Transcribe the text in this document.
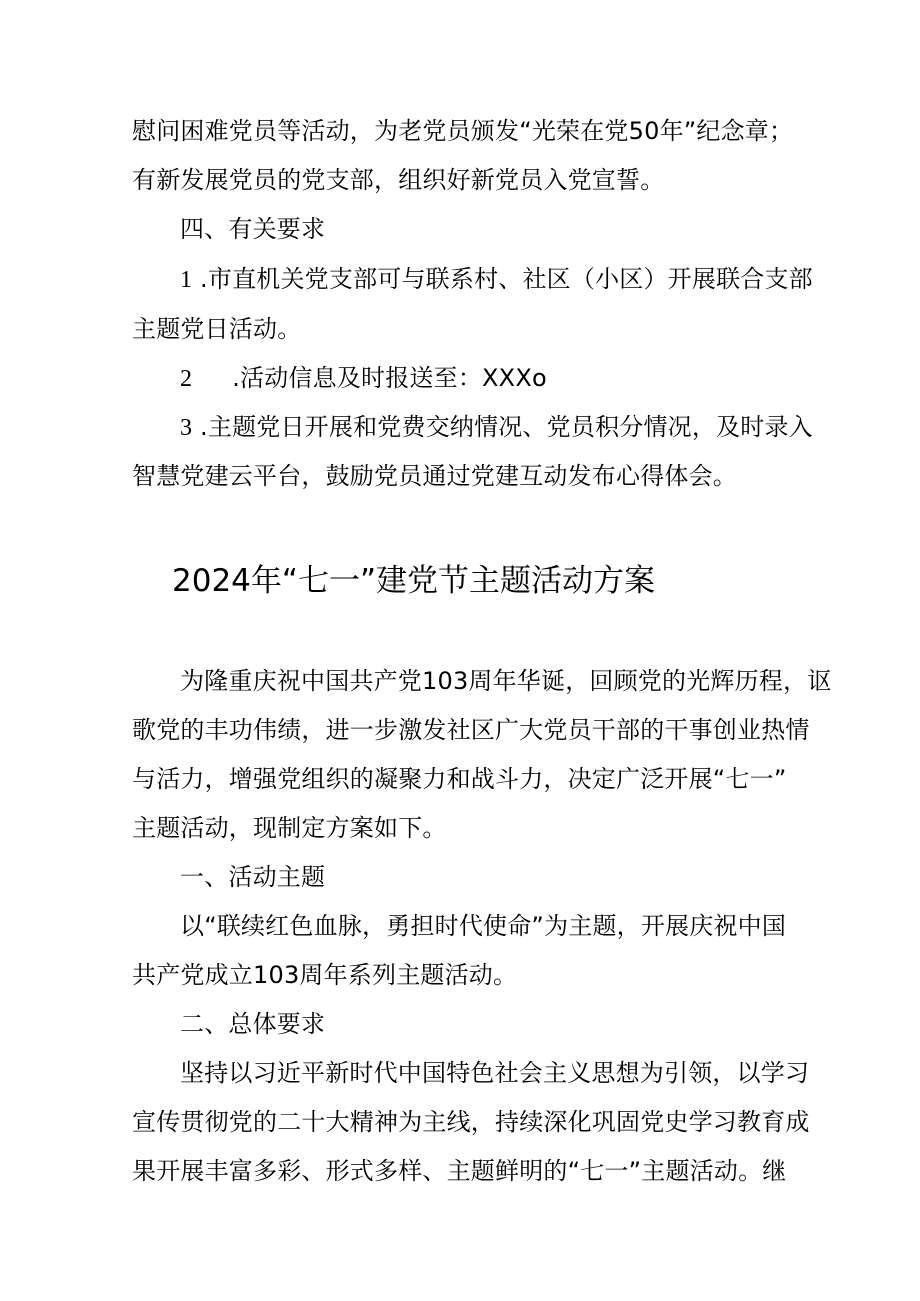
慰问困难党员等活动，为老党员颁发“光荣在党50年”纪念章；
有新发展党员的党支部，组织好新党员入党宣誓。
四、有关要求
1 .市直机关党支部可与联系村、社区（小区）开展联合支部
主题党日活动。
2 .活动信息及时报送至：XXXo
3 .主题党日开展和党费交纳情况、党员积分情况，及时录入
智慧党建云平台，鼓励党员通过党建互动发布心得体会。
2024年“七一”建党节主题活动方案
为隆重庆祝中国共产党103周年华诞，回顾党的光辉历程，讴
歌党的丰功伟绩，进一步激发社区广大党员干部的干事创业热情
与活力，增强党组织的凝聚力和战斗力，决定广泛开展“七一”
主题活动，现制定方案如下。
一、活动主题
以“联续红色血脉，勇担时代使命”为主题，开展庆祝中国
共产党成立103周年系列主题活动。
二、总体要求
坚持以习近平新时代中国特色社会主义思想为引领，以学习
宣传贯彻党的二十大精神为主线，持续深化巩固党史学习教育成
果开展丰富多彩、形式多样、主题鲜明的“七一”主题活动。继
